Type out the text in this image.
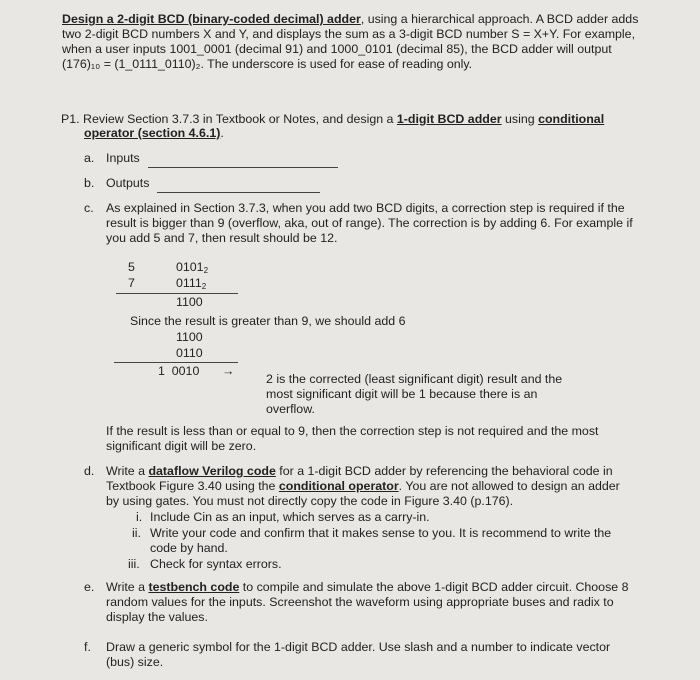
Design a 2-digit BCD (binary-coded decimal) adder, using a hierarchical approach. A BCD adder adds
two 2-digit BCD numbers X and Y, and displays the sum as a 3-digit BCD number S = X+Y. For example,
when a user inputs 1001_0001 (decimal 91) and 1000_0101 (decimal 85), the BCD adder will output
(176)₁₀ = (1_0111_0110)₂. The underscore is used for ease of reading only.
P1. Review Section 3.7.3 in Textbook or Notes, and design a 1-digit BCD adder using conditional
operator (section 4.6.1).
a. Inputs
b. Outputs
c. As explained in Section 3.7.3, when you add two BCD digits, a correction step is required if the
result is bigger than 9 (overflow, aka, out of range). The correction is by adding 6. For example if
you add 5 and 7, then result should be 12.
5	$0101_2$
7	$0111_2$
1100
Since the result is greater than 9, we should add 6
1100
0110
1  0010 →
2 is the corrected (least significant digit) result and the
most significant digit will be 1 because there is an
overflow.
If the result is less than or equal to 9, then the correction step is not required and the most
significant digit will be zero.
d. Write a dataflow Verilog code for a 1-digit BCD adder by referencing the behavioral code in
Textbook Figure 3.40 using the conditional operator. You are not allowed to design an adder
by using gates. You must not directly copy the code in Figure 3.40 (p.176).
i. Include Cin as an input, which serves as a carry-in.
ii. Write your code and confirm that it makes sense to you. It is recommend to write the
code by hand.
iii. Check for syntax errors.
e. Write a testbench code to compile and simulate the above 1-digit BCD adder circuit. Choose 8
random values for the inputs. Screenshot the waveform using appropriate buses and radix to
display the values.
f. Draw a generic symbol for the 1-digit BCD adder. Use slash and a number to indicate vector
(bus) size.
